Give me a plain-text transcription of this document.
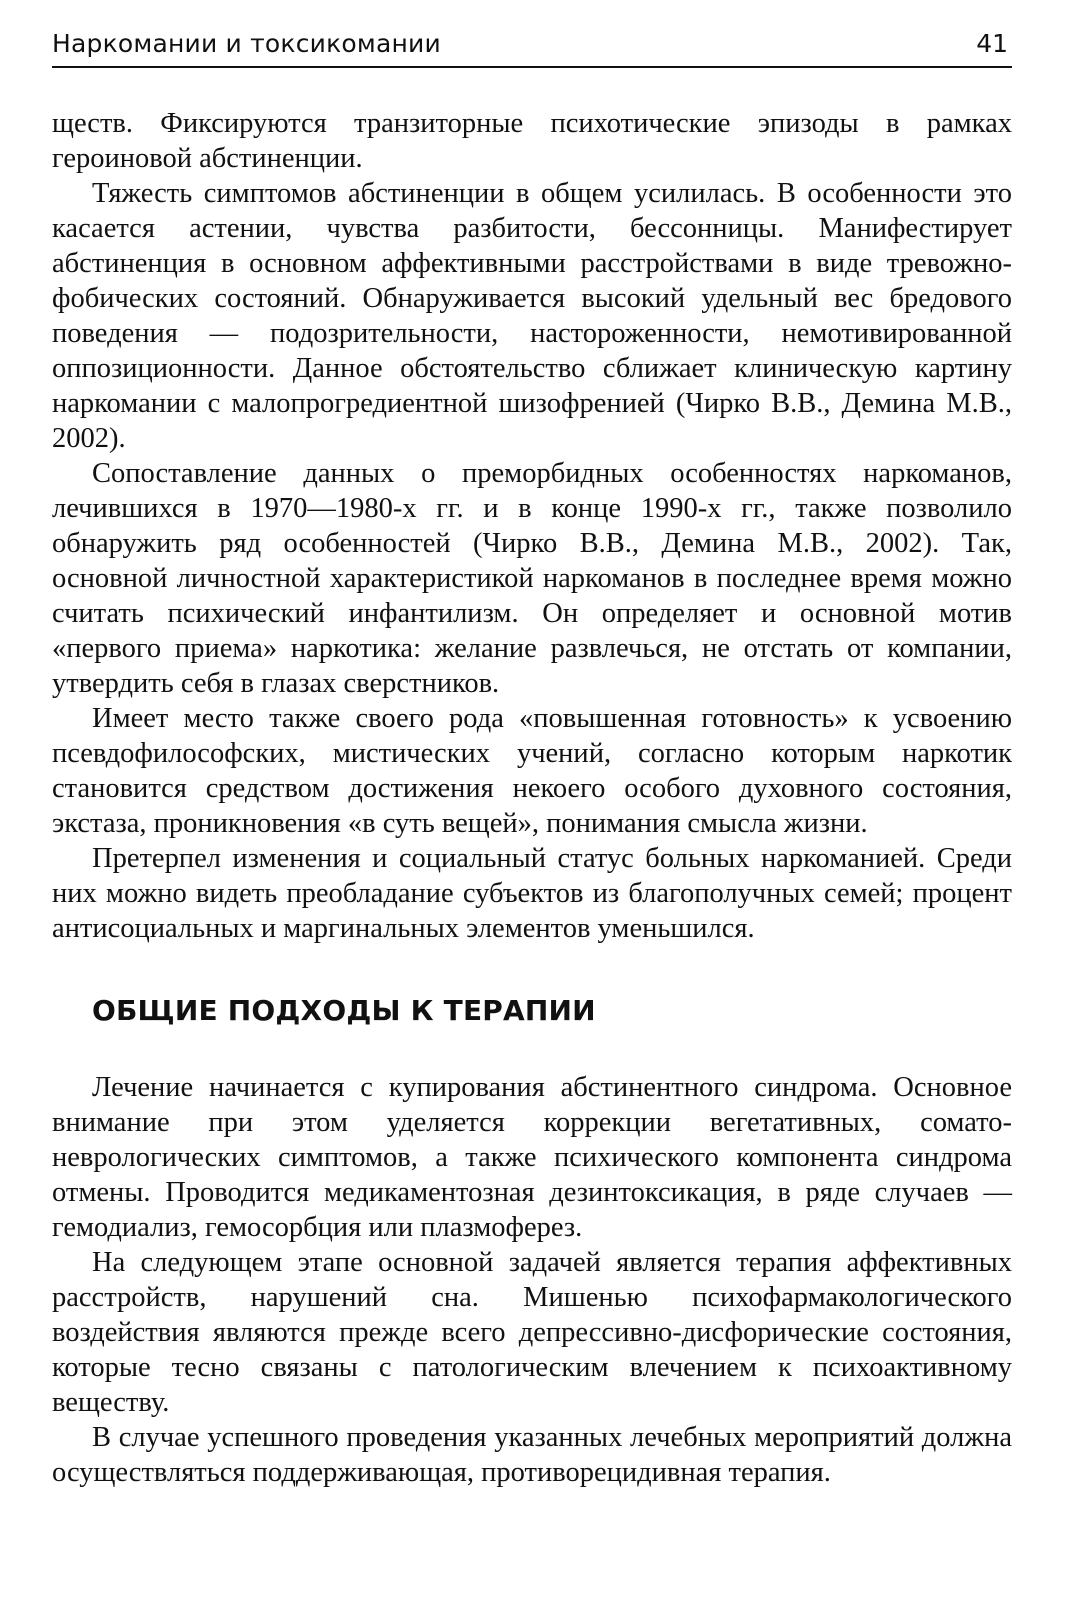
Наркомании и токсикомании	41

ществ. Фиксируются транзиторные психотические эпизоды в рамках героиновой абстиненции.

Тяжесть симптомов абстиненции в общем усилилась. В особенности это касается астении, чувства разбитости, бессонницы. Манифестирует абстиненция в основном аффективными расстройствами в виде тревожно-фобических состояний. Обнаруживается высокий удельный вес бредового поведения — подозрительности, настороженности, немотивированной оппозиционности. Данное обстоятельство сближает клиническую картину наркомании с малопрогредиентной шизофренией (Чирко В.В., Демина М.В., 2002).

Сопоставление данных о преморбидных особенностях наркоманов, лечившихся в 1970—1980-х гг. и в конце 1990-х гг., также позволило обнаружить ряд особенностей (Чирко В.В., Демина М.В., 2002). Так, основной личностной характеристикой наркоманов в последнее время можно считать психический инфантилизм. Он определяет и основной мотив «первого приема» наркотика: желание развлечься, не отстать от компании, утвердить себя в глазах сверстников.

Имеет место также своего рода «повышенная готовность» к усвоению псевдофилософских, мистических учений, согласно которым наркотик становится средством достижения некоего особого духовного состояния, экстаза, проникновения «в суть вещей», понимания смысла жизни.

Претерпел изменения и социальный статус больных наркоманией. Среди них можно видеть преобладание субъектов из благополучных семей; процент антисоциальных и маргинальных элементов уменьшился.

ОБЩИЕ ПОДХОДЫ К ТЕРАПИИ

Лечение начинается с купирования абстинентного синдрома. Основное внимание при этом уделяется коррекции вегетативных, сомато-неврологических симптомов, а также психического компонента синдрома отмены. Проводится медикаментозная дезинтоксикация, в ряде случаев — гемодиализ, гемосорбция или плазмоферез.

На следующем этапе основной задачей является терапия аффективных расстройств, нарушений сна. Мишенью психофармакологического воздействия являются прежде всего депрессивно-дисфорические состояния, которые тесно связаны с патологическим влечением к психоактивному веществу.

В случае успешного проведения указанных лечебных мероприятий должна осуществляться поддерживающая, противорецидивная терапия.
